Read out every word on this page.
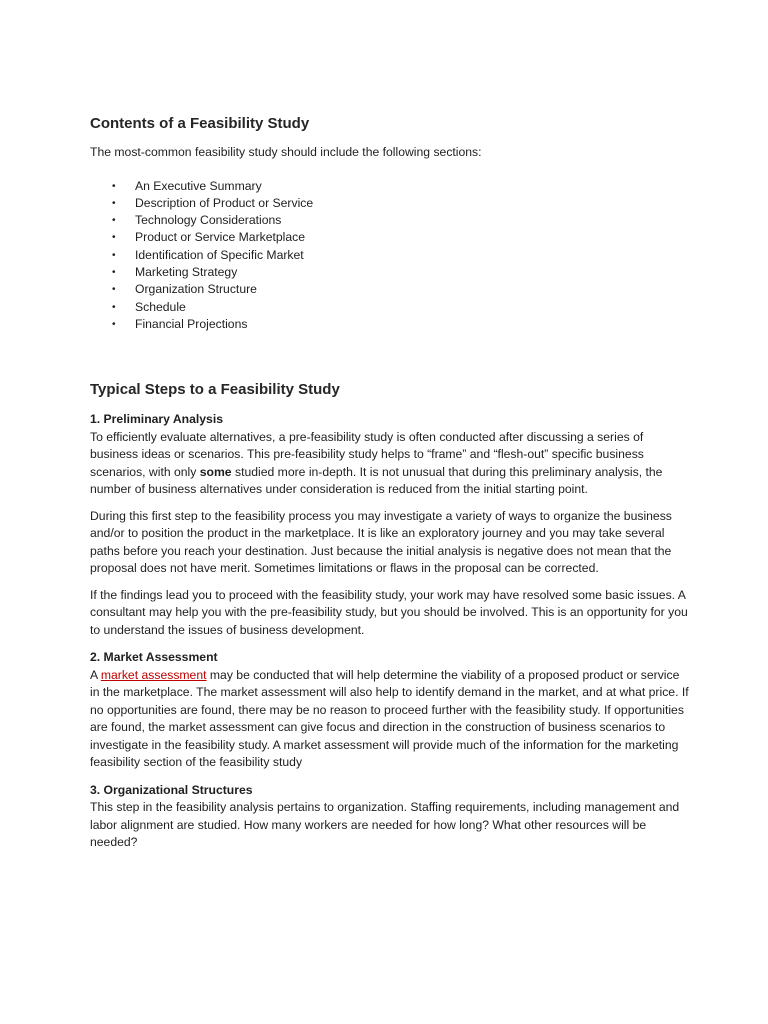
Contents of a Feasibility Study

The most-common feasibility study should include the following sections:

• An Executive Summary
• Description of Product or Service
• Technology Considerations
• Product or Service Marketplace
• Identification of Specific Market
• Marketing Strategy
• Organization Structure
• Schedule
• Financial Projections
Typical Steps to a Feasibility Study

1. Preliminary Analysis

To efficiently evaluate alternatives, a pre-feasibility study is often conducted after discussing a series of business ideas or scenarios. This pre-feasibility study helps to “frame” and “flesh-out” specific business scenarios, with only some studied more in-depth. It is not unusual that during this preliminary analysis, the number of business alternatives under consideration is reduced from the initial starting point.

During this first step to the feasibility process you may investigate a variety of ways to organize the business and/or to position the product in the marketplace. It is like an exploratory journey and you may take several paths before you reach your destination. Just because the initial analysis is negative does not mean that the proposal does not have merit. Sometimes limitations or flaws in the proposal can be corrected.

If the findings lead you to proceed with the feasibility study, your work may have resolved some basic issues. A consultant may help you with the pre-feasibility study, but you should be involved. This is an opportunity for you to understand the issues of business development.

2. Market Assessment

A market assessment may be conducted that will help determine the viability of a proposed product or service in the marketplace. The market assessment will also help to identify demand in the market, and at what price. If no opportunities are found, there may be no reason to proceed further with the feasibility study. If opportunities are found, the market assessment can give focus and direction in the construction of business scenarios to investigate in the feasibility study. A market assessment will provide much of the information for the marketing feasibility section of the feasibility study

3. Organizational Structures

This step in the feasibility analysis pertains to organization. Staffing requirements, including management and labor alignment are studied. How many workers are needed for how long? What other resources will be needed?
